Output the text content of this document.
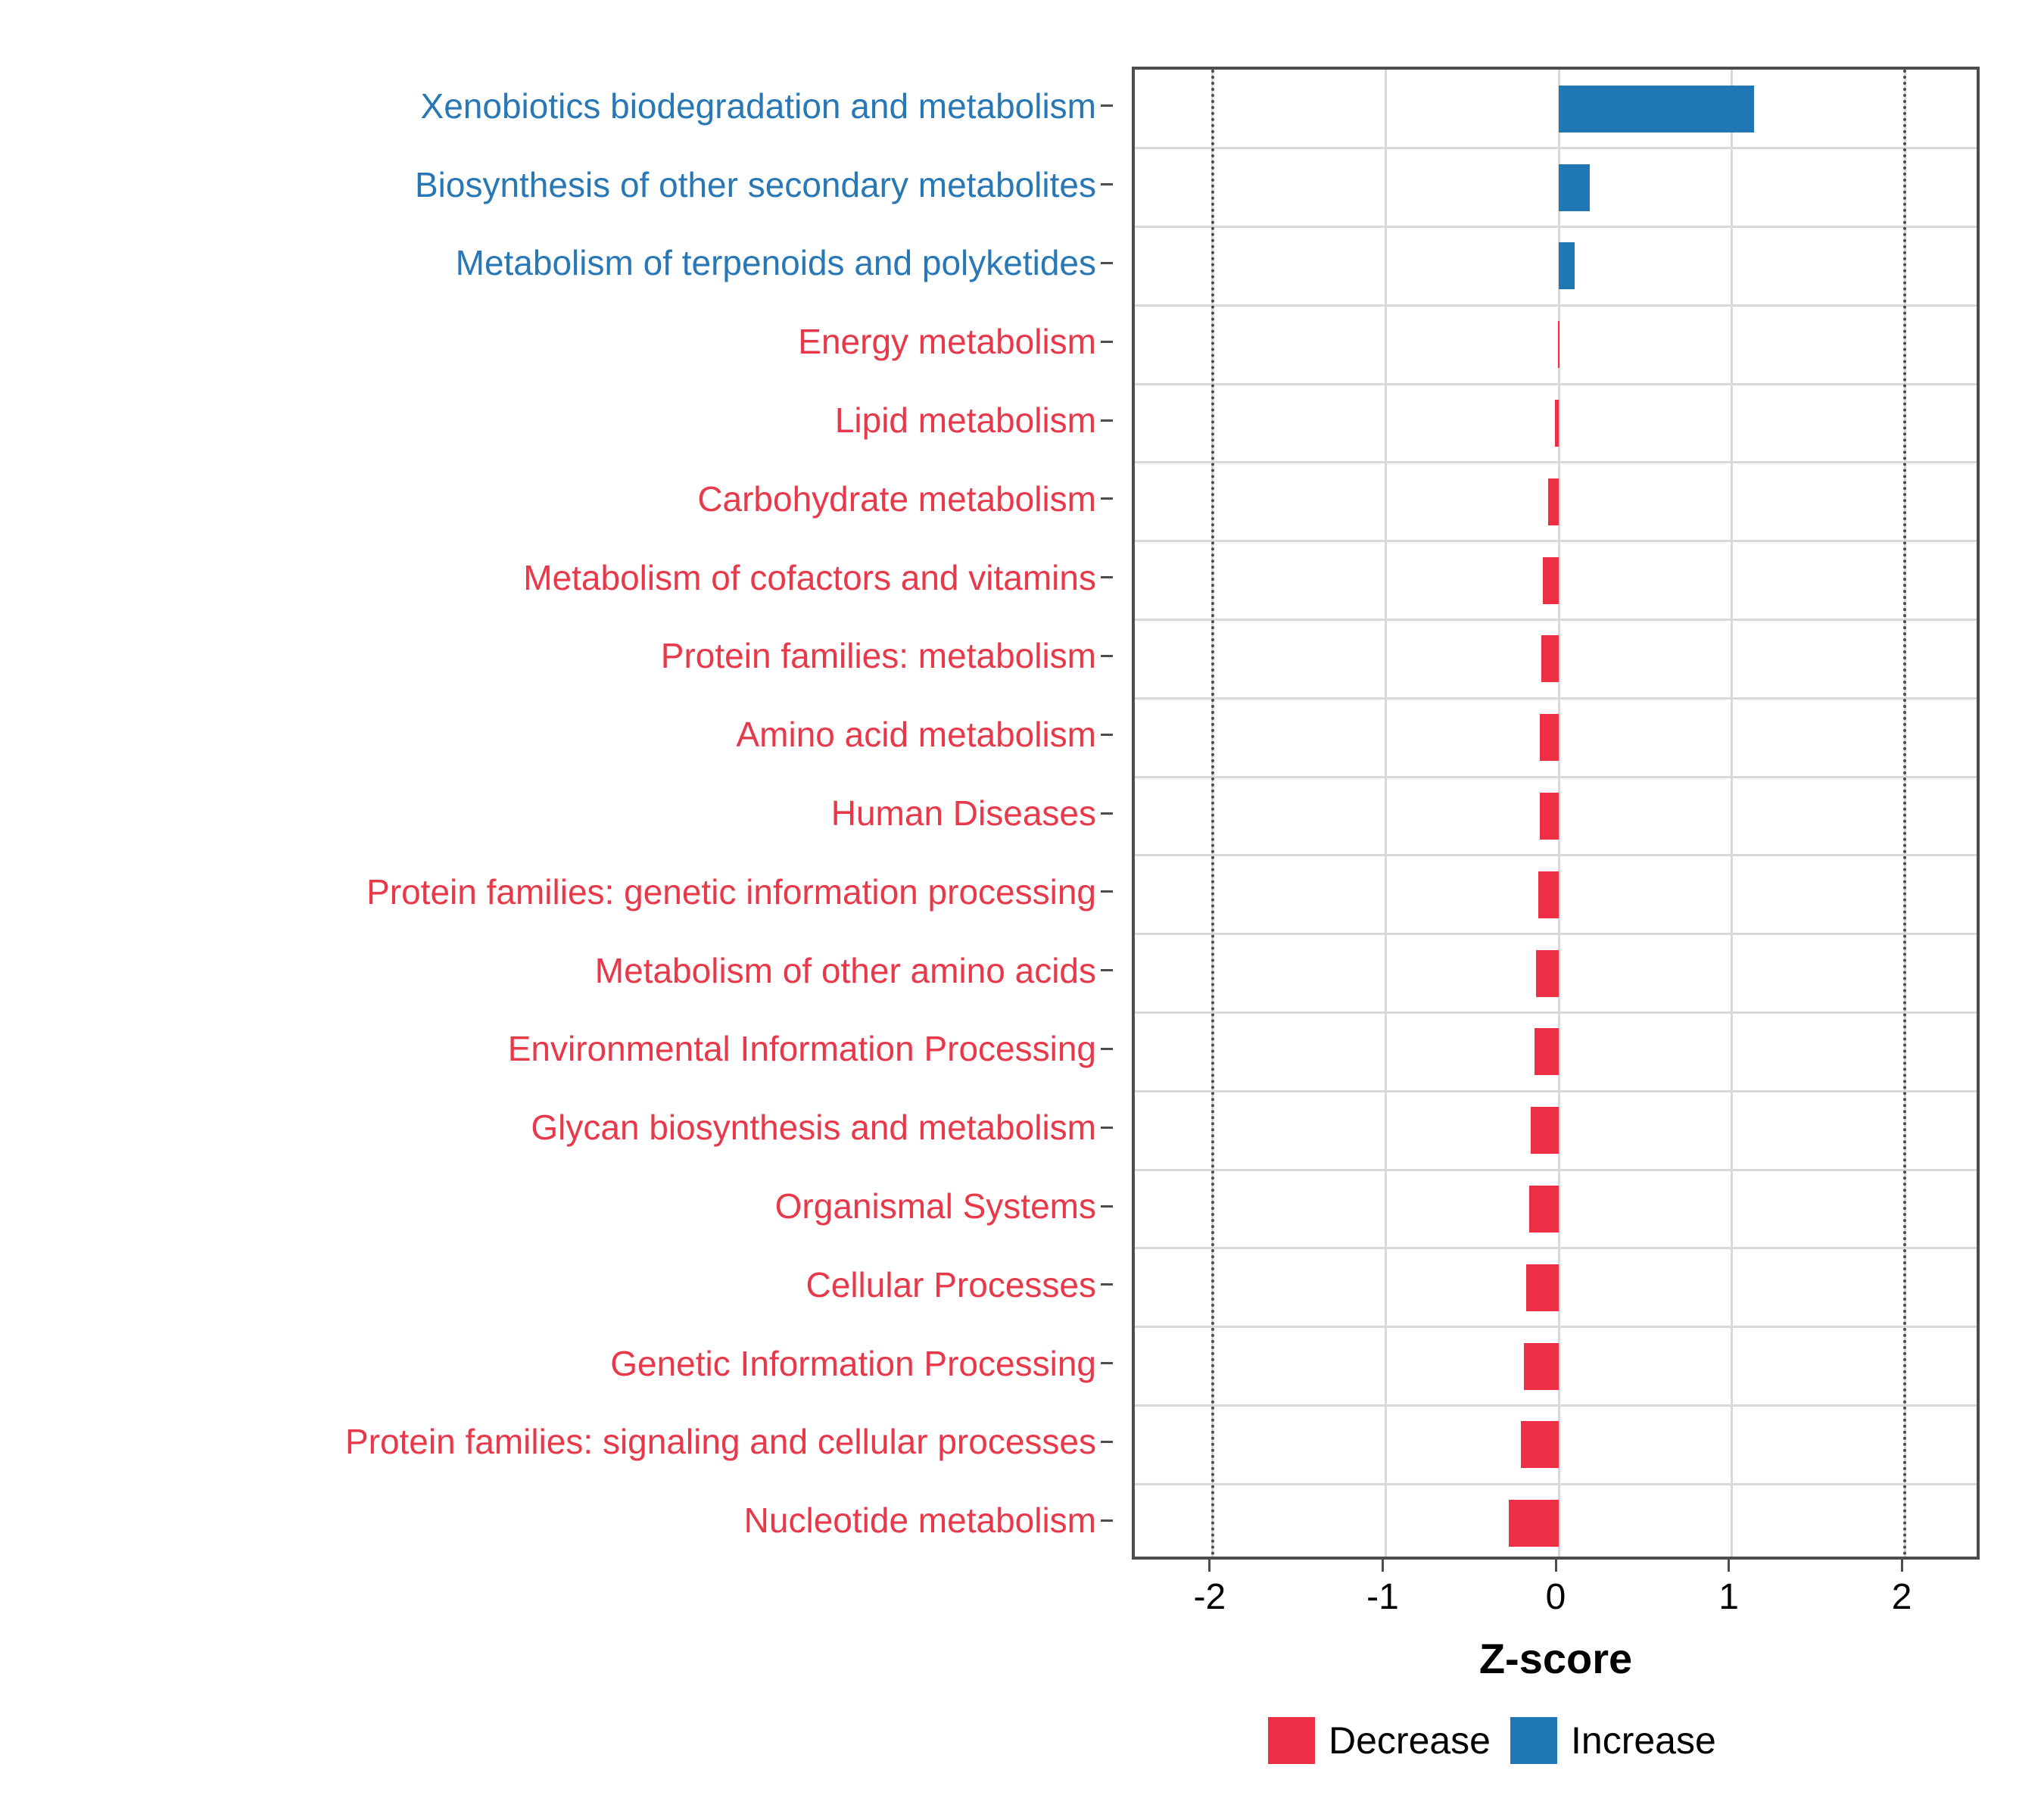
Xenobiotics biodegradation and metabolism
Biosynthesis of other secondary metabolites
Metabolism of terpenoids and polyketides
Energy metabolism
Lipid metabolism
Carbohydrate metabolism
Metabolism of cofactors and vitamins
Protein families: metabolism
Amino acid metabolism
Human Diseases
Protein families: genetic information processing
Metabolism of other amino acids
Environmental Information Processing
Glycan biosynthesis and metabolism
Organismal Systems
Cellular Processes
Genetic Information Processing
Protein families: signaling and cellular processes
Nucleotide metabolism
-2	-1	0	1	2
Z-score
Decrease Increase
